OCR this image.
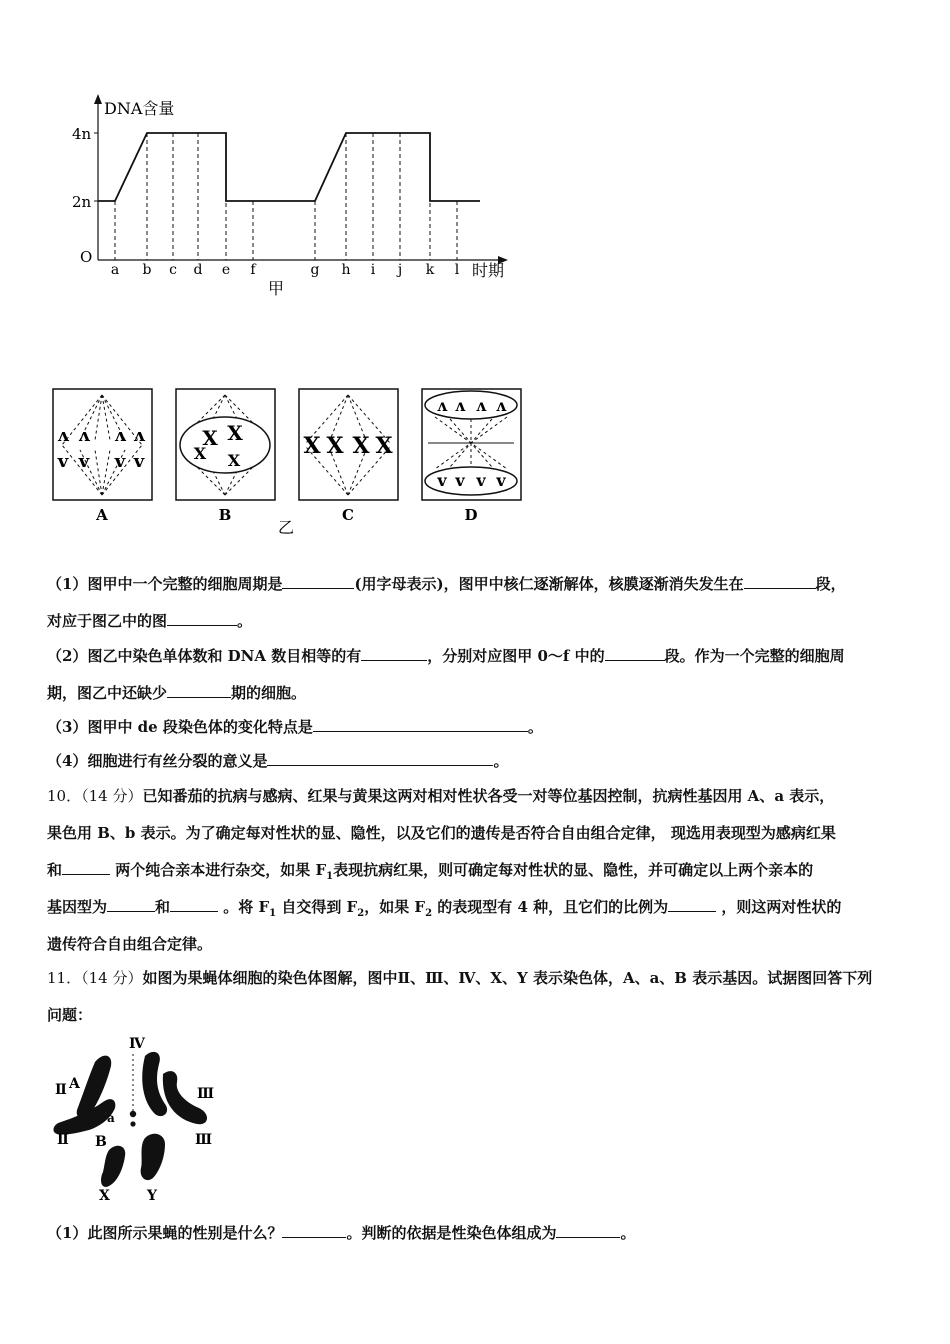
DNA含量
4n
2n
O
a b c d e f	g h i j k l 时期
甲
ʌ ʌ ʌ ʌ
v v v v
A
X X
X X
B
X X X X
C
ʌ ʌ ʌ ʌ
v v v v
D
乙
（1）图甲中一个完整的细胞周期是	(用字母表示)，图甲中核仁逐渐解体，核膜逐渐消失发生在	段，
对应于图乙中的图	。
（2）图乙中染色单体数和 DNA 数目相等的有	，分别对应图甲 0～f 中的	段。作为一个完整的细胞周
期，图乙中还缺少	期的细胞。
（3）图甲中 de 段染色体的变化特点是	。
（4）细胞进行有丝分裂的意义是	。
10．（14 分）已知番茄的抗病与感病、红果与黄果这两对相对性状各受一对等位基因控制，抗病性基因用 A、a 表示，
果色用 B、b 表示。为了确定每对性状的显、隐性，以及它们的遗传是否符合自由组合定律， 现选用表现型为感病红果
和	两个纯合亲本进行杂交，如果 $F_1$表现抗病红果，则可确定每对性状的显、隐性，并可确定以上两个亲本的
基因型为	和	。将 $F_1$ 自交得到 $F_2$，如果 $F_2$ 的表现型有 4 种，且它们的比例为	，则这两对性状的
遗传符合自由组合定律。
11．（14 分）如图为果蝇体细胞的染色体图解，图中Ⅱ、Ⅲ、Ⅳ、X、Y 表示染色体，A、a、B 表示基因。试据图回答下列
问题：
Ⅳ
Ⅱ A
a
Ⅱ
Ⅲ
Ⅲ
B
X	Y
（1）此图所示果蝇的性别是什么？	。判断的依据是性染色体组成为	。
